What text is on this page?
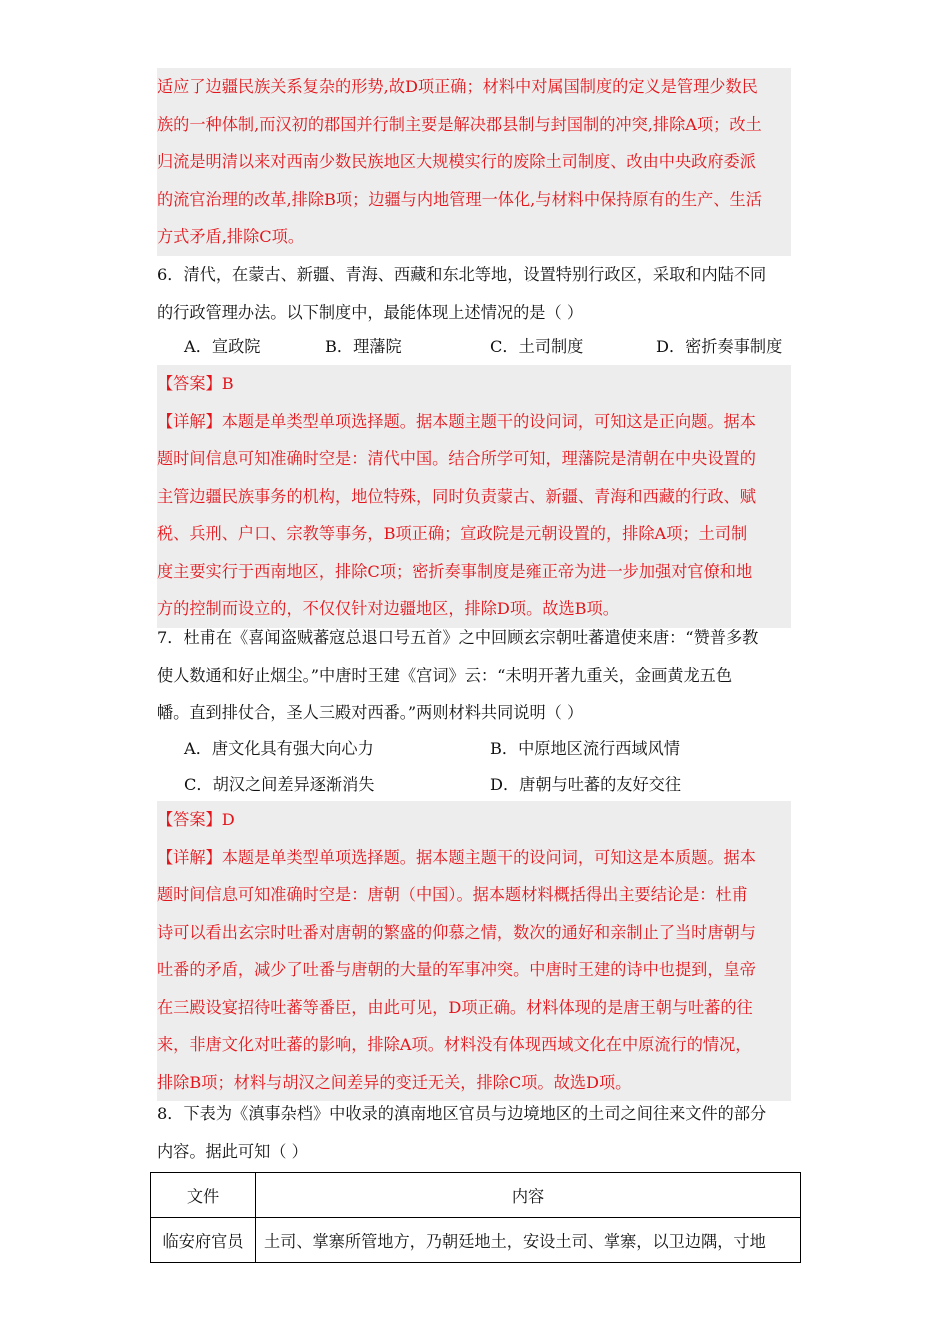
适应了边疆民族关系复杂的形势,故D项正确；材料中对属国制度的定义是管理少数民
族的一种体制,而汉初的郡国并行制主要是解决郡县制与封国制的冲突,排除A项；改土
归流是明清以来对西南少数民族地区大规模实行的废除土司制度、改由中央政府委派
的流官治理的改革,排除B项；边疆与内地管理一体化,与材料中保持原有的生产、生活
方式矛盾,排除C项。
6．清代，在蒙古、新疆、青海、西藏和东北等地，设置特别行政区，采取和内陆不同
的行政管理办法。以下制度中，最能体现上述情况的是（ ）
A．宣政院	B．理藩院	C．土司制度	D．密折奏事制度
【答案】B
【详解】本题是单类型单项选择题。据本题主题干的设问词，可知这是正向题。据本
题时间信息可知准确时空是：清代中国。结合所学可知，理藩院是清朝在中央设置的
主管边疆民族事务的机构，地位特殊，同时负责蒙古、新疆、青海和西藏的行政、赋
税、兵刑、户口、宗教等事务，B项正确；宣政院是元朝设置的，排除A项；土司制
度主要实行于西南地区，排除C项；密折奏事制度是雍正帝为进一步加强对官僚和地
方的控制而设立的，不仅仅针对边疆地区，排除D项。故选B项。
7．杜甫在《喜闻盗贼蕃寇总退口号五首》之中回顾玄宗朝吐蕃遣使来唐：“赞普多教
使人数通和好止烟尘。”中唐时王建《宫词》云：“未明开著九重关，金画黄龙五色
幡。直到排仗合，圣人三殿对西番。”两则材料共同说明（ ）
A．唐文化具有强大向心力	B．中原地区流行西域风情
C．胡汉之间差异逐渐消失	D．唐朝与吐蕃的友好交往
【答案】D
【详解】本题是单类型单项选择题。据本题主题干的设问词，可知这是本质题。据本
题时间信息可知准确时空是：唐朝（中国）。据本题材料概括得出主要结论是：杜甫
诗可以看出玄宗时吐番对唐朝的繁盛的仰慕之情，数次的通好和亲制止了当时唐朝与
吐番的矛盾，减少了吐番与唐朝的大量的军事冲突。中唐时王建的诗中也提到，皇帝
在三殿设宴招待吐蕃等番臣，由此可见，D项正确。材料体现的是唐王朝与吐蕃的往
来，非唐文化对吐蕃的影响，排除A项。材料没有体现西域文化在中原流行的情况，
排除B项；材料与胡汉之间差异的变迁无关，排除C项。故选D项。
8．下表为《滇事杂档》中收录的滇南地区官员与边境地区的土司之间往来文件的部分
内容。据此可知（ ）
文件	内容
临安府官员	土司、掌寨所管地方，乃朝廷地土，安设土司、掌寨，以卫边隅，寸地
